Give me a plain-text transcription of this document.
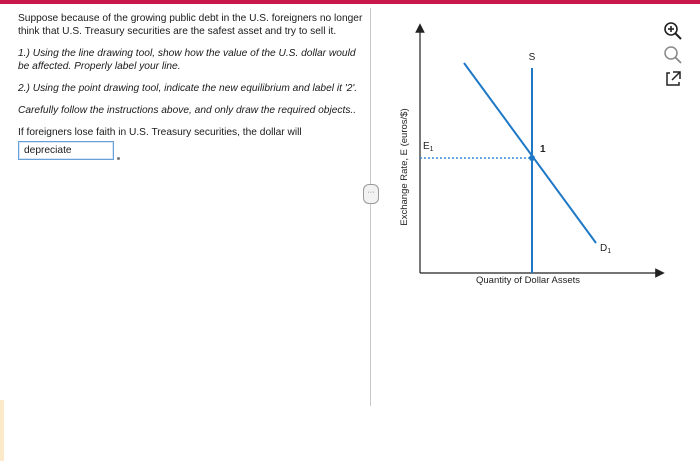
Suppose because of the growing public debt in the U.S. foreigners no longer think that U.S. Treasury securities are the safest asset and try to sell it.

1.) Using the line drawing tool, show how the value of the U.S. dollar would be affected. Properly label your line.

2.) Using the point drawing tool, indicate the new equilibrium and label it '2'.

Carefully follow the instructions above, and only draw the required objects..

If foreigners lose faith in U.S. Treasury securities, the dollar will
depreciate

···	Exchange Rate, E (euros/$)
Quantity of Dollar Assets
S
$D_1$
$E_1$	1
